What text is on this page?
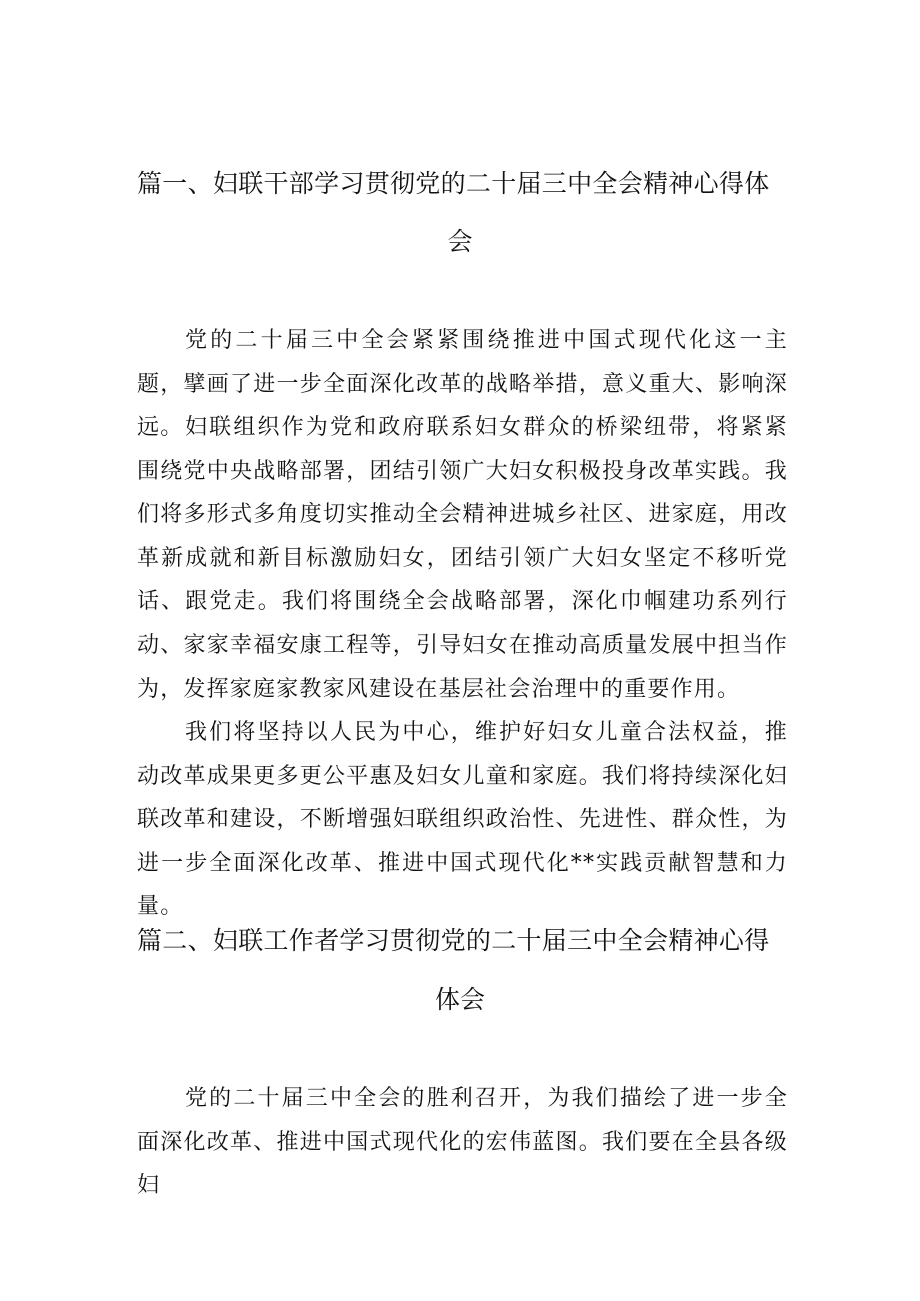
篇一、妇联干部学习贯彻党的二十届三中全会精神心得体
会

党的二十届三中全会紧紧围绕推进中国式现代化这一主题，擘画了进一步全面深化改革的战略举措，意义重大、影响深远。 妇联组织作为党和政府联系妇女群众的桥梁纽带，将紧紧围绕党中央战略部署，团结引领广大妇女积极投身改革实践。我们将多形式多角度切实推动全会精神进城乡社区、进家庭，用改革新成就和新目标激励妇女，团结引领广大妇女坚定不移听党话、跟党走。我们将围绕全会战略部署，深化巾帼建功系列行动、家家幸福安康工程等，引导妇女在推动高质量发展中担当作为，发挥家庭家教家风建设在基层社会治理中的重要作用。

我们将坚持以人民为中心，维护好妇女儿童合法权益，推动改革成果更多更公平惠及妇女儿童和家庭。我们将持续深化妇联改革和建设，不断增强妇联组织政治性、先进性、群众性，为进一步全面深化改革、推进中国式现代化**实践贡献智慧和力量。

篇二、妇联工作者学习贯彻党的二十届三中全会精神心得
体会

党的二十届三中全会的胜利召开，为我们描绘了进一步全面深化改革、推进中国式现代化的宏伟蓝图。我们要在全县各级妇
